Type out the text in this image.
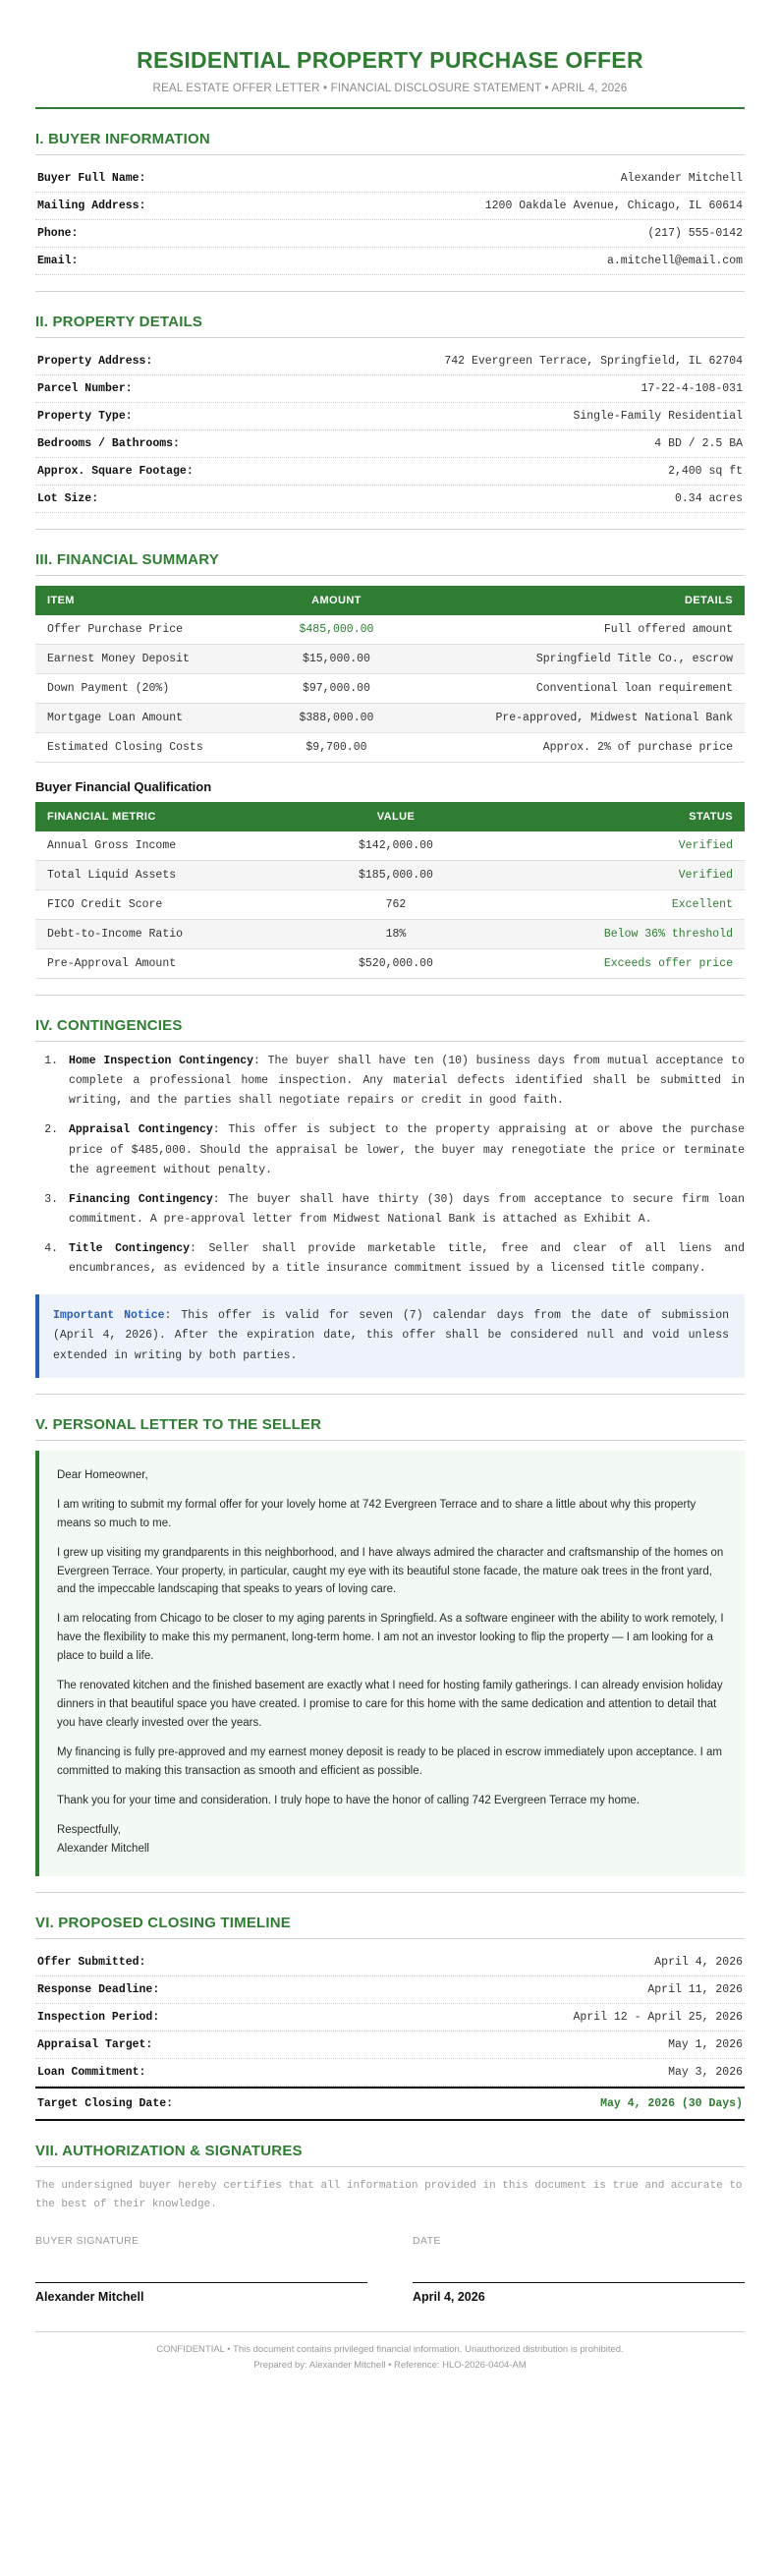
RESIDENTIAL PROPERTY PURCHASE OFFER
REAL ESTATE OFFER LETTER • FINANCIAL DISCLOSURE STATEMENT • APRIL 4, 2026
I. BUYER INFORMATION
Buyer Full Name:	Alexander Mitchell
Mailing Address:	1200 Oakdale Avenue, Chicago, IL 60614
Phone:	(217) 555-0142
Email:	a.mitchell@email.com
II. PROPERTY DETAILS
Property Address:	742 Evergreen Terrace, Springfield, IL 62704
Parcel Number:	17-22-4-108-031
Property Type:	Single-Family Residential
Bedrooms / Bathrooms:	4 BD / 2.5 BA
Approx. Square Footage:	2,400 sq ft
Lot Size:	0.34 acres
III. FINANCIAL SUMMARY
ITEM	AMOUNT	DETAILS
Offer Purchase Price	$485,000.00	Full offered amount
Earnest Money Deposit	$15,000.00	Springfield Title Co., escrow
Down Payment (20%)	$97,000.00	Conventional loan requirement
Mortgage Loan Amount	$388,000.00	Pre-approved, Midwest National Bank
Estimated Closing Costs	$9,700.00	Approx. 2% of purchase price
Buyer Financial Qualification
FINANCIAL METRIC	VALUE	STATUS
Annual Gross Income	$142,000.00	Verified
Total Liquid Assets	$185,000.00	Verified
FICO Credit Score	762	Excellent
Debt-to-Income Ratio	18%	Below 36% threshold
Pre-Approval Amount	$520,000.00	Exceeds offer price
IV. CONTINGENCIES
1. Home Inspection Contingency: The buyer shall have ten (10) business days from mutual acceptance to complete a professional home inspection. Any material defects identified shall be submitted in writing, and the parties shall negotiate repairs or credit in good faith.
2. Appraisal Contingency: This offer is subject to the property appraising at or above the purchase price of $485,000. Should the appraisal be lower, the buyer may renegotiate the price or terminate the agreement without penalty.
3. Financing Contingency: The buyer shall have thirty (30) days from acceptance to secure firm loan commitment. A pre-approval letter from Midwest National Bank is attached as Exhibit A.
4. Title Contingency: Seller shall provide marketable title, free and clear of all liens and encumbrances, as evidenced by a title insurance commitment issued by a licensed title company.
Important Notice: This offer is valid for seven (7) calendar days from the date of submission (April 4, 2026). After the expiration date, this offer shall be considered null and void unless extended in writing by both parties.
V. PERSONAL LETTER TO THE SELLER

Dear Homeowner,

I am writing to submit my formal offer for your lovely home at 742 Evergreen Terrace and to share a little about why this property means so much to me.

I grew up visiting my grandparents in this neighborhood, and I have always admired the character and craftsmanship of the homes on Evergreen Terrace. Your property, in particular, caught my eye with its beautiful stone facade, the mature oak trees in the front yard, and the impeccable landscaping that speaks to years of loving care.

I am relocating from Chicago to be closer to my aging parents in Springfield. As a software engineer with the ability to work remotely, I have the flexibility to make this my permanent, long-term home. I am not an investor looking to flip the property — I am looking for a place to build a life.

The renovated kitchen and the finished basement are exactly what I need for hosting family gatherings. I can already envision holiday dinners in that beautiful space you have created. I promise to care for this home with the same dedication and attention to detail that you have clearly invested over the years.

My financing is fully pre-approved and my earnest money deposit is ready to be placed in escrow immediately upon acceptance. I am committed to making this transaction as smooth and efficient as possible.

Thank you for your time and consideration. I truly hope to have the honor of calling 742 Evergreen Terrace my home.

Respectfully,
Alexander Mitchell

VI. PROPOSED CLOSING TIMELINE
Offer Submitted:	April 4, 2026
Response Deadline:	April 11, 2026
Inspection Period:	April 12 - April 25, 2026
Appraisal Target:	May 1, 2026
Loan Commitment:	May 3, 2026
Target Closing Date:	May 4, 2026 (30 Days)
VII. AUTHORIZATION & SIGNATURES

The undersigned buyer hereby certifies that all information provided in this document is true and accurate to the best of their knowledge.

BUYER SIGNATURE
Alexander Mitchell
DATE
April 4, 2026
CONFIDENTIAL • This document contains privileged financial information. Unauthorized distribution is prohibited.
Prepared by: Alexander Mitchell • Reference: HLO-2026-0404-AM
